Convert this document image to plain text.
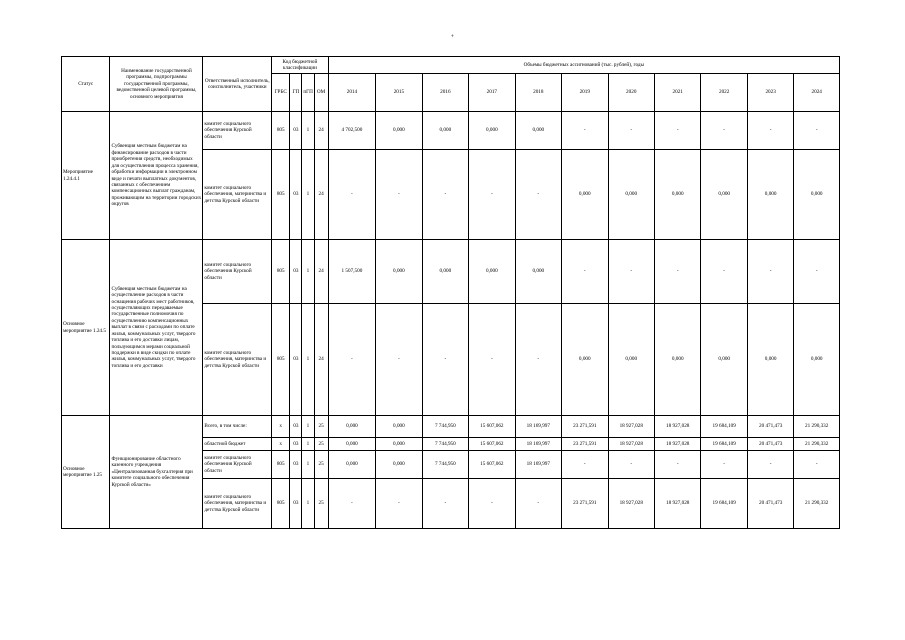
+
Статус	Наименование государственной программы, подпрограммы государственной программы, ведомственной целевой программы, основного мероприятия	Ответственный исполнитель, соисполнитель, участники	Код бюджетной классификации				Объемы бюджетных ассигнований (тыс. рублей), годы										
			ГРБС	ГП	пГП	ОМ	2014	2015	2016	2017	2018	2019	2020	2021	2022	2023	2024
Мероприятие 1.24.4.1	Субвенция местным бюджетам на финансирование расходов в части приобретения средств, необходимых для осуществления процесса хранения, обработки информации в электронном виде и печати выплатных документов, связанных с обеспечением компенсационных выплат гражданам, проживающим на территории городских округов	комитет социального обеспечения Курской области	805	03	1	24	4 702,500	0,000	0,000	0,000	0,000	-	-	-	-	-	-
		комитет социального обеспечения, материнства и детства Курской области	805	03	1	24	-	-	-	-	-	0,000	0,000	0,000	0,000	0,000	0,000
Основное мероприятие 1.24.5	Субвенция местным бюджетам на осуществление расходов в части оснащения рабочих мест работников, осуществляющих передаваемые государственные полномочия по осуществлению компенсационных выплат в связи с расходами по оплате жилья, коммунальных услуг, твердого топлива и его доставки лицам, пользующимся мерами социальной поддержки в виде скидки по оплате жилья, коммунальных услуг, твердого топлива и его доставки	комитет социального обеспечения Курской области	805	03	1	24	1 507,500	0,000	0,000	0,000	0,000	-	-	-	-	-	-
		комитет социального обеспечения, материнства и детства Курской области	805	03	1	24	-	-	-	-	-	0,000	0,000	0,000	0,000	0,000	0,000
Основное мероприятие 1.25	Функционирование областного казенного учреждения «Централизованная бухгалтерия при комитете социального обеспечения Курской области»	Всего, в том числе:	х	03	1	25	0,000	0,000	7 744,950	15 607,062	18 169,997	23 271,591	18 927,028	18 927,028	19 684,109	20 471,473	21 290,332
		областной бюджет	х	03	1	25	0,000	0,000	7 744,950	15 607,062	18 169,997	23 271,591	18 927,028	18 927,028	19 684,109	20 471,473	21 290,332
		комитет социального обеспечения Курской области	805	03	1	25	0,000	0,000	7 744,950	15 607,062	18 169,997	-	-	-	-	-	-
		комитет социального обеспечения, материнства и детства Курской области	805	03	1	25	-	-	-	-	-	23 271,591	18 927,028	18 927,028	19 684,109	20 471,473	21 290,332
